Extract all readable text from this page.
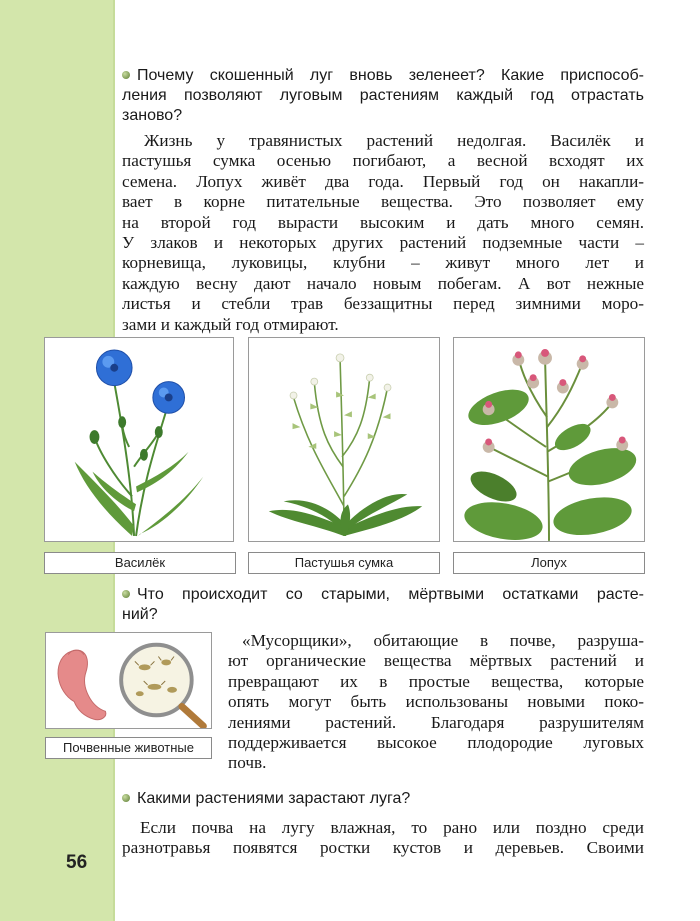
56
Почему скошенный луг вновь зеленеет? Какие приспособ-
ления позволяют луговым растениям каждый год отрастать
заново?
Жизнь у травянистых растений недолгая. Василёк и
пастушья сумка осенью погибают, а весной всходят их
семена. Лопух живёт два года. Первый год он накапли-
вает в корне питательные вещества. Это позволяет ему
на второй год вырасти высоким и дать много семян.
У злаков и некоторых других растений подземные части –
корневища, луковицы, клубни – живут много лет и
каждую весну дают начало новым побегам. А вот нежные
листья и стебли трав беззащитны перед зимними моро-
зами и каждый год отмирают.
Василёк	Пастушья сумка	Лопух
Что происходит со старыми, мёртвыми остатками расте-
ний?
Почвенные животные
«Мусорщики», обитающие в почве, разруша-
ют органические вещества мёртвых растений и
превращают их в простые вещества, которые
опять могут быть использованы новыми поко-
лениями растений. Благодаря разрушителям
поддерживается высокое плодородие луговых
почв.
Какими растениями зарастают луга?
Если почва на лугу влажная, то рано или поздно среди
разнотравья появятся ростки кустов и деревьев. Своими
